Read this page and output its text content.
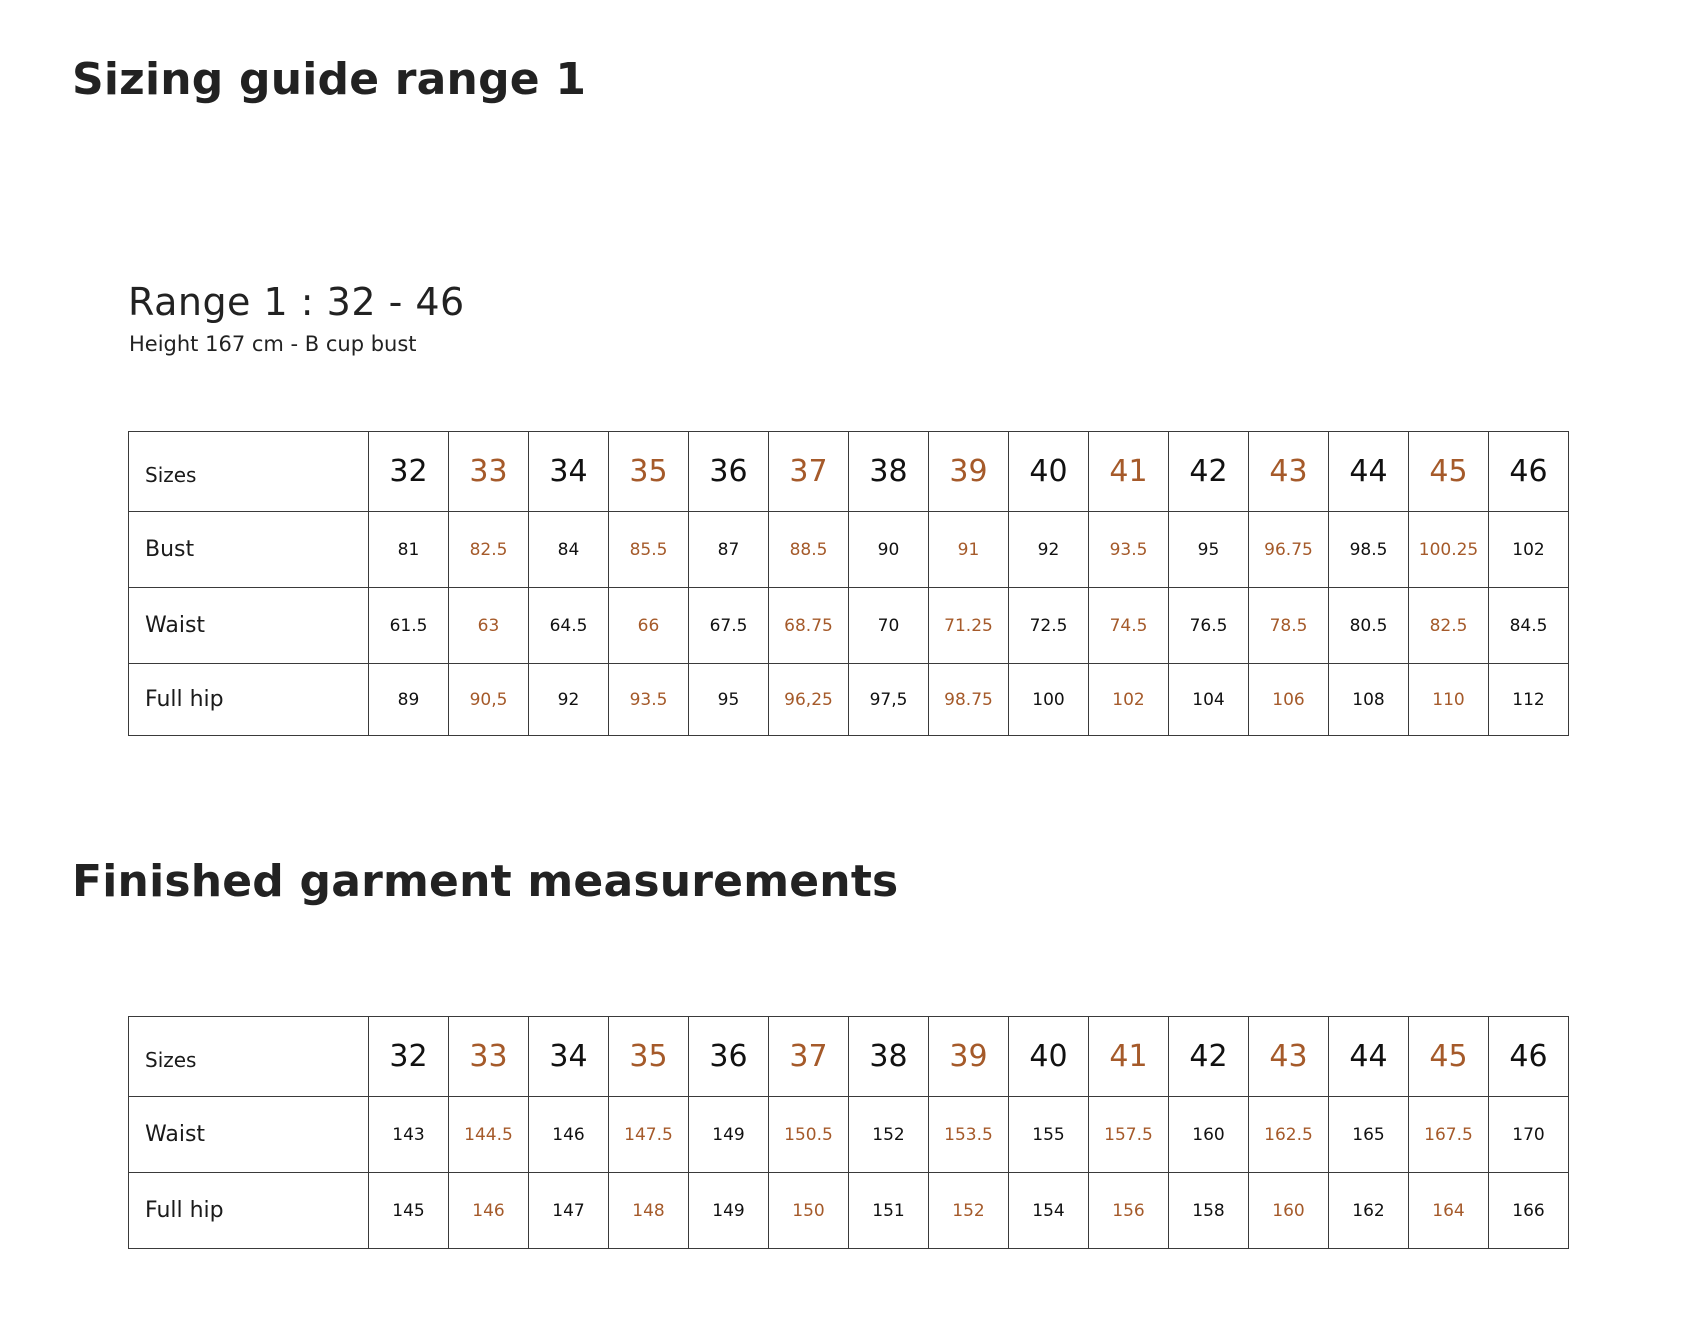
Sizing guide range 1
Range 1 : 32 - 46
Height 167 cm - B cup bust
Sizes	32	33	34	35	36	37	38	39	40	41	42	43	44	45	46
Bust	81	82.5	84	85.5	87	88.5	90	91	92	93.5	95	96.75	98.5	100.25	102
Waist	61.5	63	64.5	66	67.5	68.75	70	71.25	72.5	74.5	76.5	78.5	80.5	82.5	84.5
Full hip	89	90,5	92	93.5	95	96,25	97,5	98.75	100	102	104	106	108	110	112
Finished garment measurements
Sizes	32	33	34	35	36	37	38	39	40	41	42	43	44	45	46
Waist	143	144.5	146	147.5	149	150.5	152	153.5	155	157.5	160	162.5	165	167.5	170
Full hip	145	146	147	148	149	150	151	152	154	156	158	160	162	164	166
